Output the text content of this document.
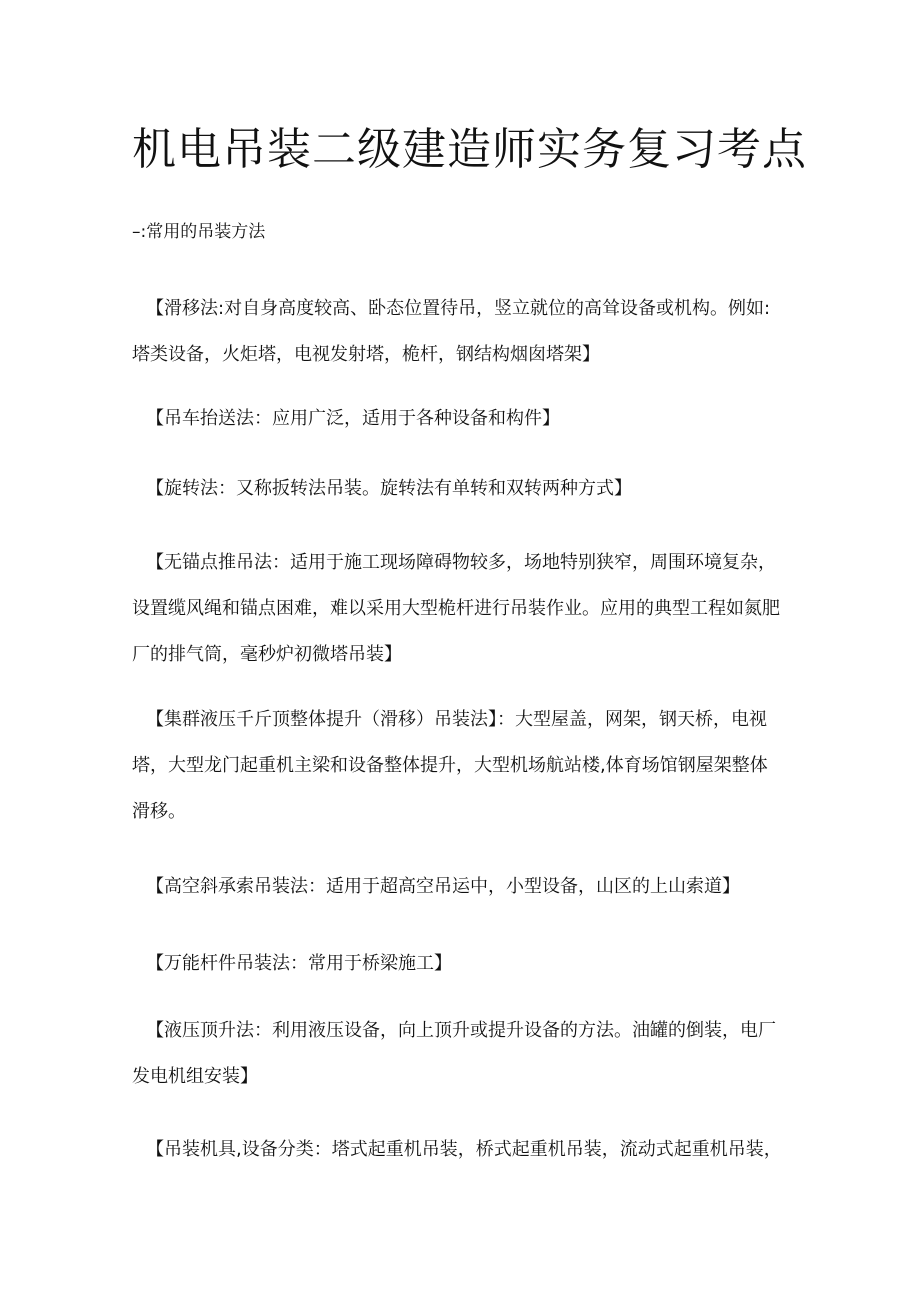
机电吊装二级建造师实务复习考点

–:常用的吊装方法

【滑移法:对自身高度较高、卧态位置待吊，竖立就位的高耸设备或机构。例如:
塔类设备，火炬塔，电视发射塔，桅杆，钢结构烟囱塔架】

【吊车抬送法：应用广泛，适用于各种设备和构件】

【旋转法：又称扳转法吊装。旋转法有单转和双转两种方式】

【无锚点推吊法：适用于施工现场障碍物较多，场地特别狭窄，周围环境复杂，
设置缆风绳和锚点困难，难以采用大型桅杆进行吊装作业。应用的典型工程如氮肥
厂的排气筒，毫秒炉初微塔吊装】

【集群液压千斤顶整体提升（滑移）吊装法】：大型屋盖，网架，钢天桥，电视
塔，大型龙门起重机主梁和设备整体提升，大型机场航站楼,体育场馆钢屋架整体
滑移。

【高空斜承索吊装法：适用于超高空吊运中，小型设备，山区的上山索道】

【万能杆件吊装法：常用于桥梁施工】

【液压顶升法：利用液压设备，向上顶升或提升设备的方法。油罐的倒装，电厂
发电机组安装】

【吊装机具,设备分类：塔式起重机吊装，桥式起重机吊装，流动式起重机吊装，
